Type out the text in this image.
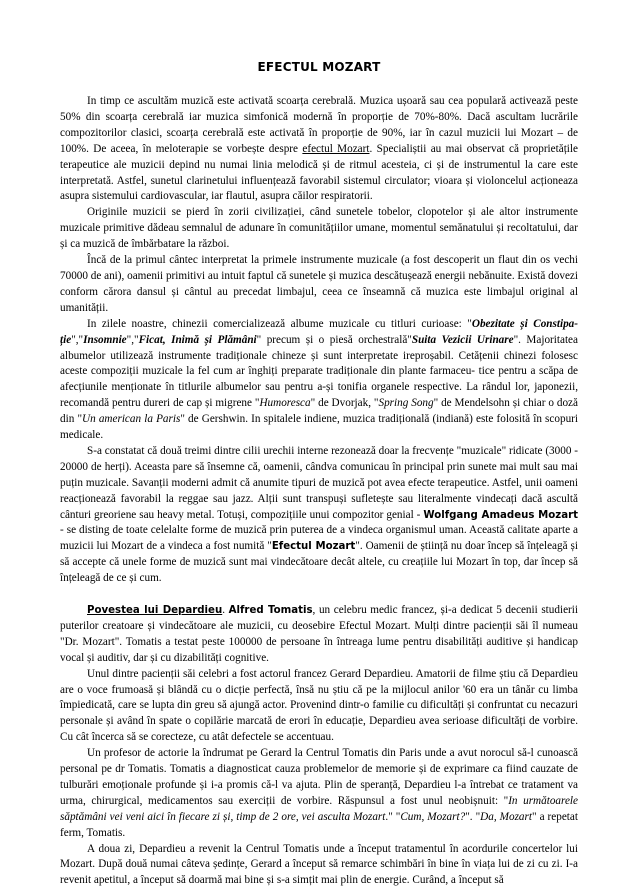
EFECTUL MOZART

In timp ce ascultăm muzică este activată scoarța cerebrală. Muzica ușoară sau cea populară activează peste 50% din scoarța cerebrală iar muzica simfonică modernă în proporție de 70%-80%. Dacă ascultam lucrările compozitorilor clasici, scoarța cerebrală este activată în proporție de 90%, iar în cazul muzicii lui Mozart – de 100%. De aceea, în meloterapie se vorbește despre efectul Mozart. Specialiștii au mai observat că proprietățile terapeutice ale muzicii depind nu numai linia melodică și de ritmul acesteia, ci și de instrumentul la care este interpretată. Astfel, sunetul clarinetului influențează favorabil sistemul circulator; vioara și violoncelul acționeaza asupra sistemului cardiovascular, iar flautul, asupra căilor respiratorii.

Originile muzicii se pierd în zorii civilizației, când sunetele tobelor, clopotelor și ale altor instrumente muzicale primitive dădeau semnalul de adunare în comunitățiilor umane, momentul semănatului și recoltatului, dar și ca muzică de îmbărbatare la război.

Încă de la primul cântec interpretat la primele instrumente muzicale (a fost descoperit un flaut din os vechi 70000 de ani), oamenii primitivi au intuit faptul că sunetele și muzica descătușează energii nebănuite. Există dovezi conform cărora dansul și cântul au precedat limbajul, ceea ce înseamnă că muzica este limbajul original al umanității.

In zilele noastre, chinezii comercializează albume muzicale cu titluri curioase: "Obezitate și Constipa-ție","Insomnie","Ficat, Inimă și Plămâni" precum și o piesă orchestrală"Suita Vezicii Urinare". Majoritatea albumelor utilizează instrumente tradiționale chineze și sunt interpretate ireproșabil. Cetățenii chinezi folosesc aceste compoziții muzicale la fel cum ar înghiți preparate tradiționale din plante farmaceu- tice pentru a scăpa de afecțiunile menționate în titlurile albumelor sau pentru a-și tonifia organele respective. La rândul lor, japonezii, recomandă pentru dureri de cap și migrene "Humoresca" de Dvorjak, "Spring Song" de Mendelsohn și chiar o doză din "Un american la Paris" de Gershwin. In spitalele indiene, muzica tradițională (indiană) este folosită în scopuri medicale.

S-a constatat că două treimi dintre cilii urechii interne rezonează doar la frecvențe "muzicale" ridicate (3000 - 20000 de herți). Aceasta pare să însemne că, oamenii, cândva comunicau în principal prin sunete mai mult sau mai puțin muzicale. Savanții moderni admit că anumite tipuri de muzică pot avea efecte terapeutice. Astfel, unii oameni reacționează favorabil la reggae sau jazz. Alții sunt transpuși sufletește sau literalmente vindecați dacă ascultă cânturi greoriene sau heavy metal. Totuși, compozițiile unui compozitor genial - Wolfgang Amadeus Mozart - se disting de toate celelalte forme de muzică prin puterea de a vindeca organismul uman. Această calitate aparte a muzicii lui Mozart de a vindeca a fost numită "Efectul Mozart". Oamenii de știință nu doar încep să înțeleagă și să accepte că unele forme de muzică sunt mai vindecătoare decât altele, cu creațiile lui Mozart în top, dar încep să înțeleagă de ce și cum.

Povestea lui Depardieu. Alfred Tomatis, un celebru medic francez, și-a dedicat 5 decenii studierii puterilor creatoare și vindecătoare ale muzicii, cu deosebire Efectul Mozart. Mulți dintre pacienții săi îl numeau "Dr. Mozart". Tomatis a testat peste 100000 de persoane în întreaga lume pentru disabilități auditive și handicap vocal și auditiv, dar și cu dizabilități cognitive.

Unul dintre pacienții săi celebri a fost actorul francez Gerard Depardieu. Amatorii de filme știu că Depardieu are o voce frumoasă și blândă cu o dicție perfectă, însă nu știu că pe la mijlocul anilor '60 era un tânăr cu limba împiedicată, care se lupta din greu să ajungă actor. Provenind dintr-o familie cu dificultăți și confruntat cu necazuri personale și având în spate o copilărie marcată de erori în educație, Depardieu avea serioase dificultăți de vorbire. Cu cât încerca să se corecteze, cu atât defectele se accentuau.

Un profesor de actorie la îndrumat pe Gerard la Centrul Tomatis din Paris unde a avut norocul să-l cunoască personal pe dr Tomatis. Tomatis a diagnosticat cauza problemelor de memorie și de exprimare ca fiind cauzate de tulburări emoționale profunde și i-a promis că-l va ajuta. Plin de speranță, Depardieu l-a întrebat ce tratament va urma, chirurgical, medicamentos sau exerciții de vorbire. Răspunsul a fost unul neobișnuit: "In următoarele săptămâni vei veni aici în fiecare zi și, timp de 2 ore, vei asculta Mozart." "Cum, Mozart?". "Da, Mozart" a repetat ferm, Tomatis.

A doua zi, Depardieu a revenit la Centrul Tomatis unde a început tratamentul în acordurile concertelor lui Mozart. După două numai câteva ședințe, Gerard a început să remarce schimbări în bine în viața lui de zi cu zi. I-a revenit apetitul, a început să doarmă mai bine și s-a simțit mai plin de energie. Curând, a început să
